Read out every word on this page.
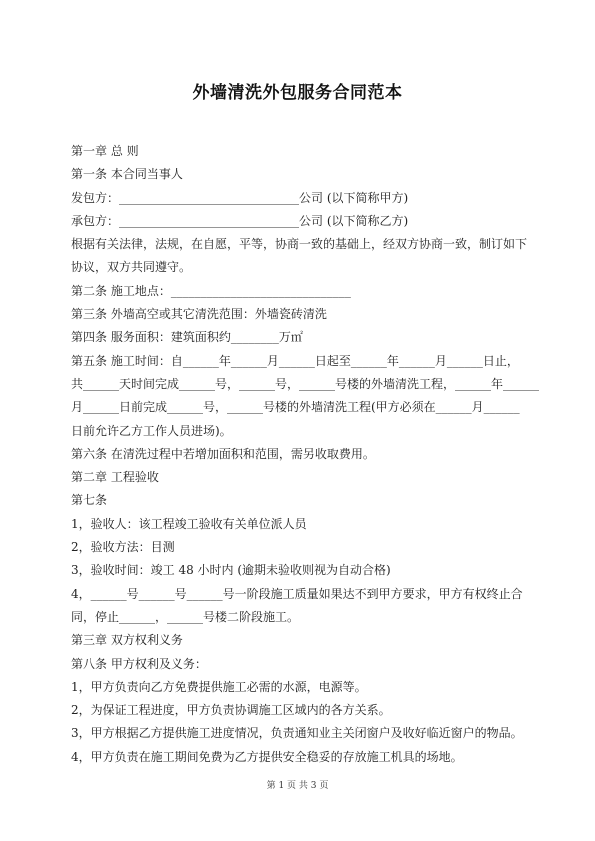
外墙清洗外包服务合同范本
第一章 总 则
第一条 本合同当事人
发包方：______________________________公司 (以下简称甲方)
承包方：______________________________公司 (以下简称乙方)
根据有关法律，法规，在自愿，平等，协商一致的基础上，经双方协商一致，制订如下
协议，双方共同遵守。
第二条 施工地点：______________________________
第三条 外墙高空或其它清洗范围：外墙瓷砖清洗
第四条 服务面积：建筑面积约________万㎡
第五条 施工时间：自______年______月______日起至______年______月______日止，
共______天时间完成______号，______号，______号楼的外墙清洗工程，______年______
月______日前完成______号，______号楼的外墙清洗工程(甲方必须在______月______
日前允许乙方工作人员进场)。
第六条 在清洗过程中若增加面积和范围，需另收取费用。
第二章 工程验收
第七条
1，验收人：该工程竣工验收有关单位派人员
2，验收方法：目测
3，验收时间：竣工 48 小时内 (逾期未验收则视为自动合格)
4，______号______号______号一阶段施工质量如果达不到甲方要求，甲方有权终止合
同，停止______，______号楼二阶段施工。
第三章 双方权利义务
第八条 甲方权利及义务：
1，甲方负责向乙方免费提供施工必需的水源，电源等。
2，为保证工程进度，甲方负责协调施工区域内的各方关系。
3，甲方根据乙方提供施工进度情况，负责通知业主关闭窗户及收好临近窗户的物品。
4，甲方负责在施工期间免费为乙方提供安全稳妥的存放施工机具的场地。
第 1 页 共 3 页
